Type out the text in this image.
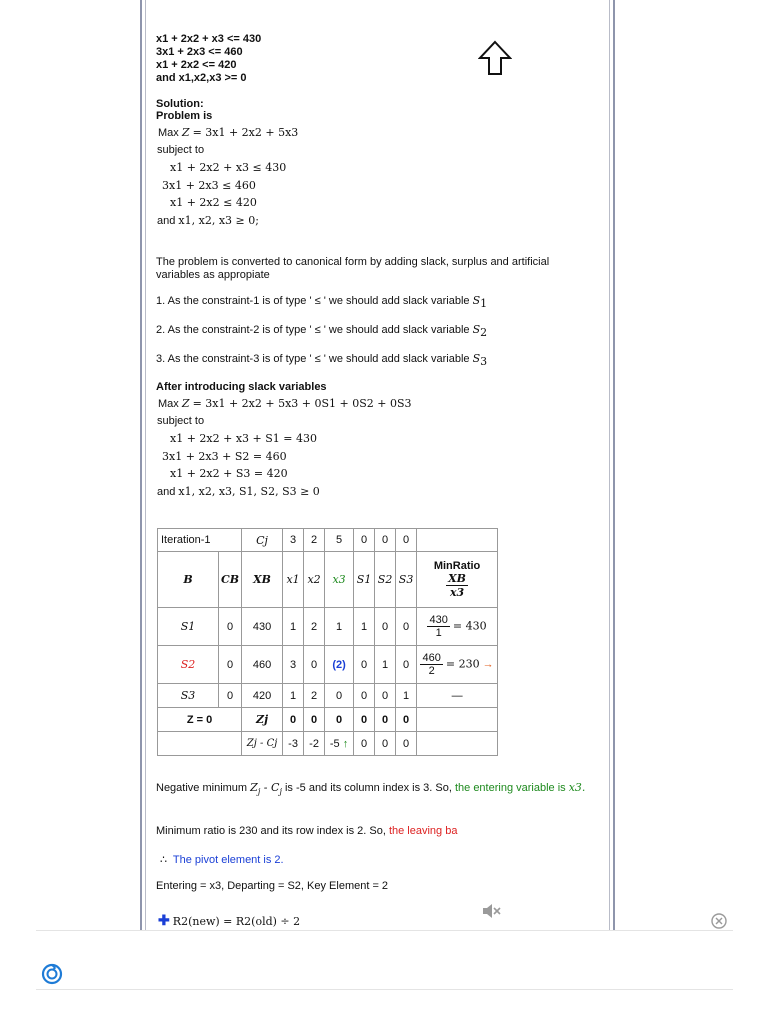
x1 + 2x2 + x3 <= 430
3x1 + 2x3 <= 460
x1 + 2x2 <= 420
and x1,x2,x3 >= 0
Solution:
Problem is
Max Z = 3x1 + 2x2 + 5x3
subject to
x1 + 2x2 + x3 ≤ 430
3x1 + 2x3 ≤ 460
x1 + 2x2 ≤ 420
and x1, x2, x3 ≥ 0;
The problem is converted to canonical form by adding slack, surplus and artificial variables as appropiate
1. As the constraint-1 is of type ' ≤ ' we should add slack variable $S_1$
2. As the constraint-2 is of type ' ≤ ' we should add slack variable $S_2$
3. As the constraint-3 is of type ' ≤ ' we should add slack variable $S_3$
After introducing slack variables
Max Z = 3x1 + 2x2 + 5x3 + 0S1 + 0S2 + 0S3
subject to
x1 + 2x2 + x3 + S1 = 430
3x1 + 2x3 + S2 = 460
x1 + 2x2 + S3 = 420
and x1, x2, x3, S1, S2, S3 ≥ 0
Iteration-1		Cj	3	2	5	0	0	0	
B	CB	XB	x1	x2	x3	S1	S2	S3	MinRatio
$\frac{XB}{x3}$

S1	0	430	1	2	1	1	0	0	$\frac{430}{1} = 430$
S2	0	460	3	0	(2)	0	1	0	$\frac{460}{2} = 230$ →
S3	0	420	1	2	0	0	0	1	—
Z = 0		Zj	0	0	0	0	0	0	
		Zj - Cj	-3	-2	-5 ↑	0	0	0	
Negative minimum $Z_j - C_j$ is -5 and its column index is 3. So, the entering variable is x3.
Minimum ratio is 230 and its row index is 2. So, the leaving ba
∴ The pivot element is 2.
Entering = x3, Departing = S2, Key Element = 2
✚ R2(new) = R2(old) ÷ 2
